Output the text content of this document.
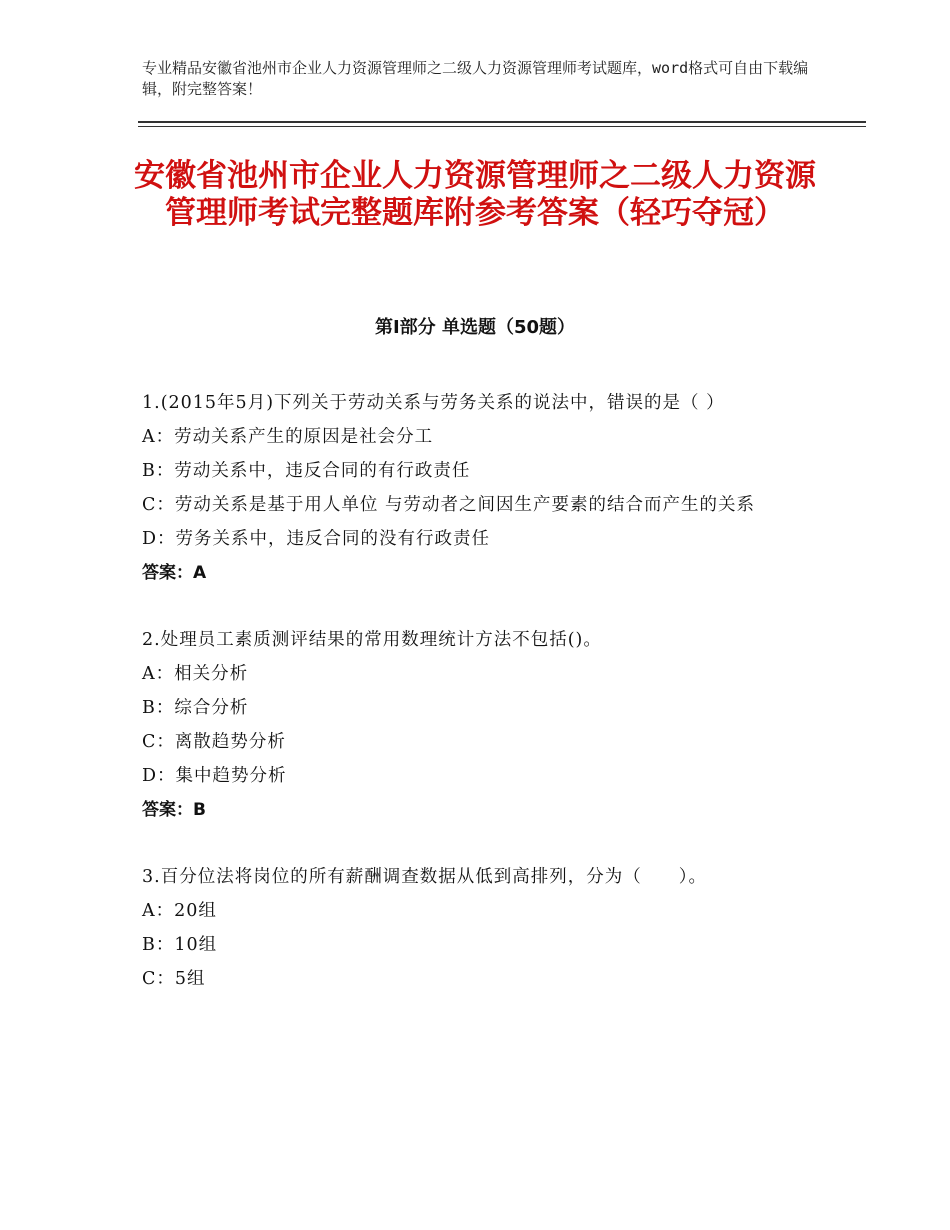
专业精品安徽省池州市企业人力资源管理师之二级人力资源管理师考试题库，word格式可自由下载编辑，附完整答案！
安徽省池州市企业人力资源管理师之二级人力资源管理师考试完整题库附参考答案（轻巧夺冠）
第Ⅰ部分 单选题（50题）
1.(2015年5月)下列关于劳动关系与劳务关系的说法中，错误的是（ ）
A：劳动关系产生的原因是社会分工
B：劳动关系中，违反合同的有行政责任
C：劳动关系是基于用人单位 与劳动者之间因生产要素的结合而产生的关系
D：劳务关系中，违反合同的没有行政责任
答案：A
2.处理员工素质测评结果的常用数理统计方法不包括()。
A：相关分析
B：综合分析
C：离散趋势分析
D：集中趋势分析
答案：B
3.百分位法将岗位的所有薪酬调查数据从低到高排列，分为（　　）。
A：20组
B：10组
C：5组
